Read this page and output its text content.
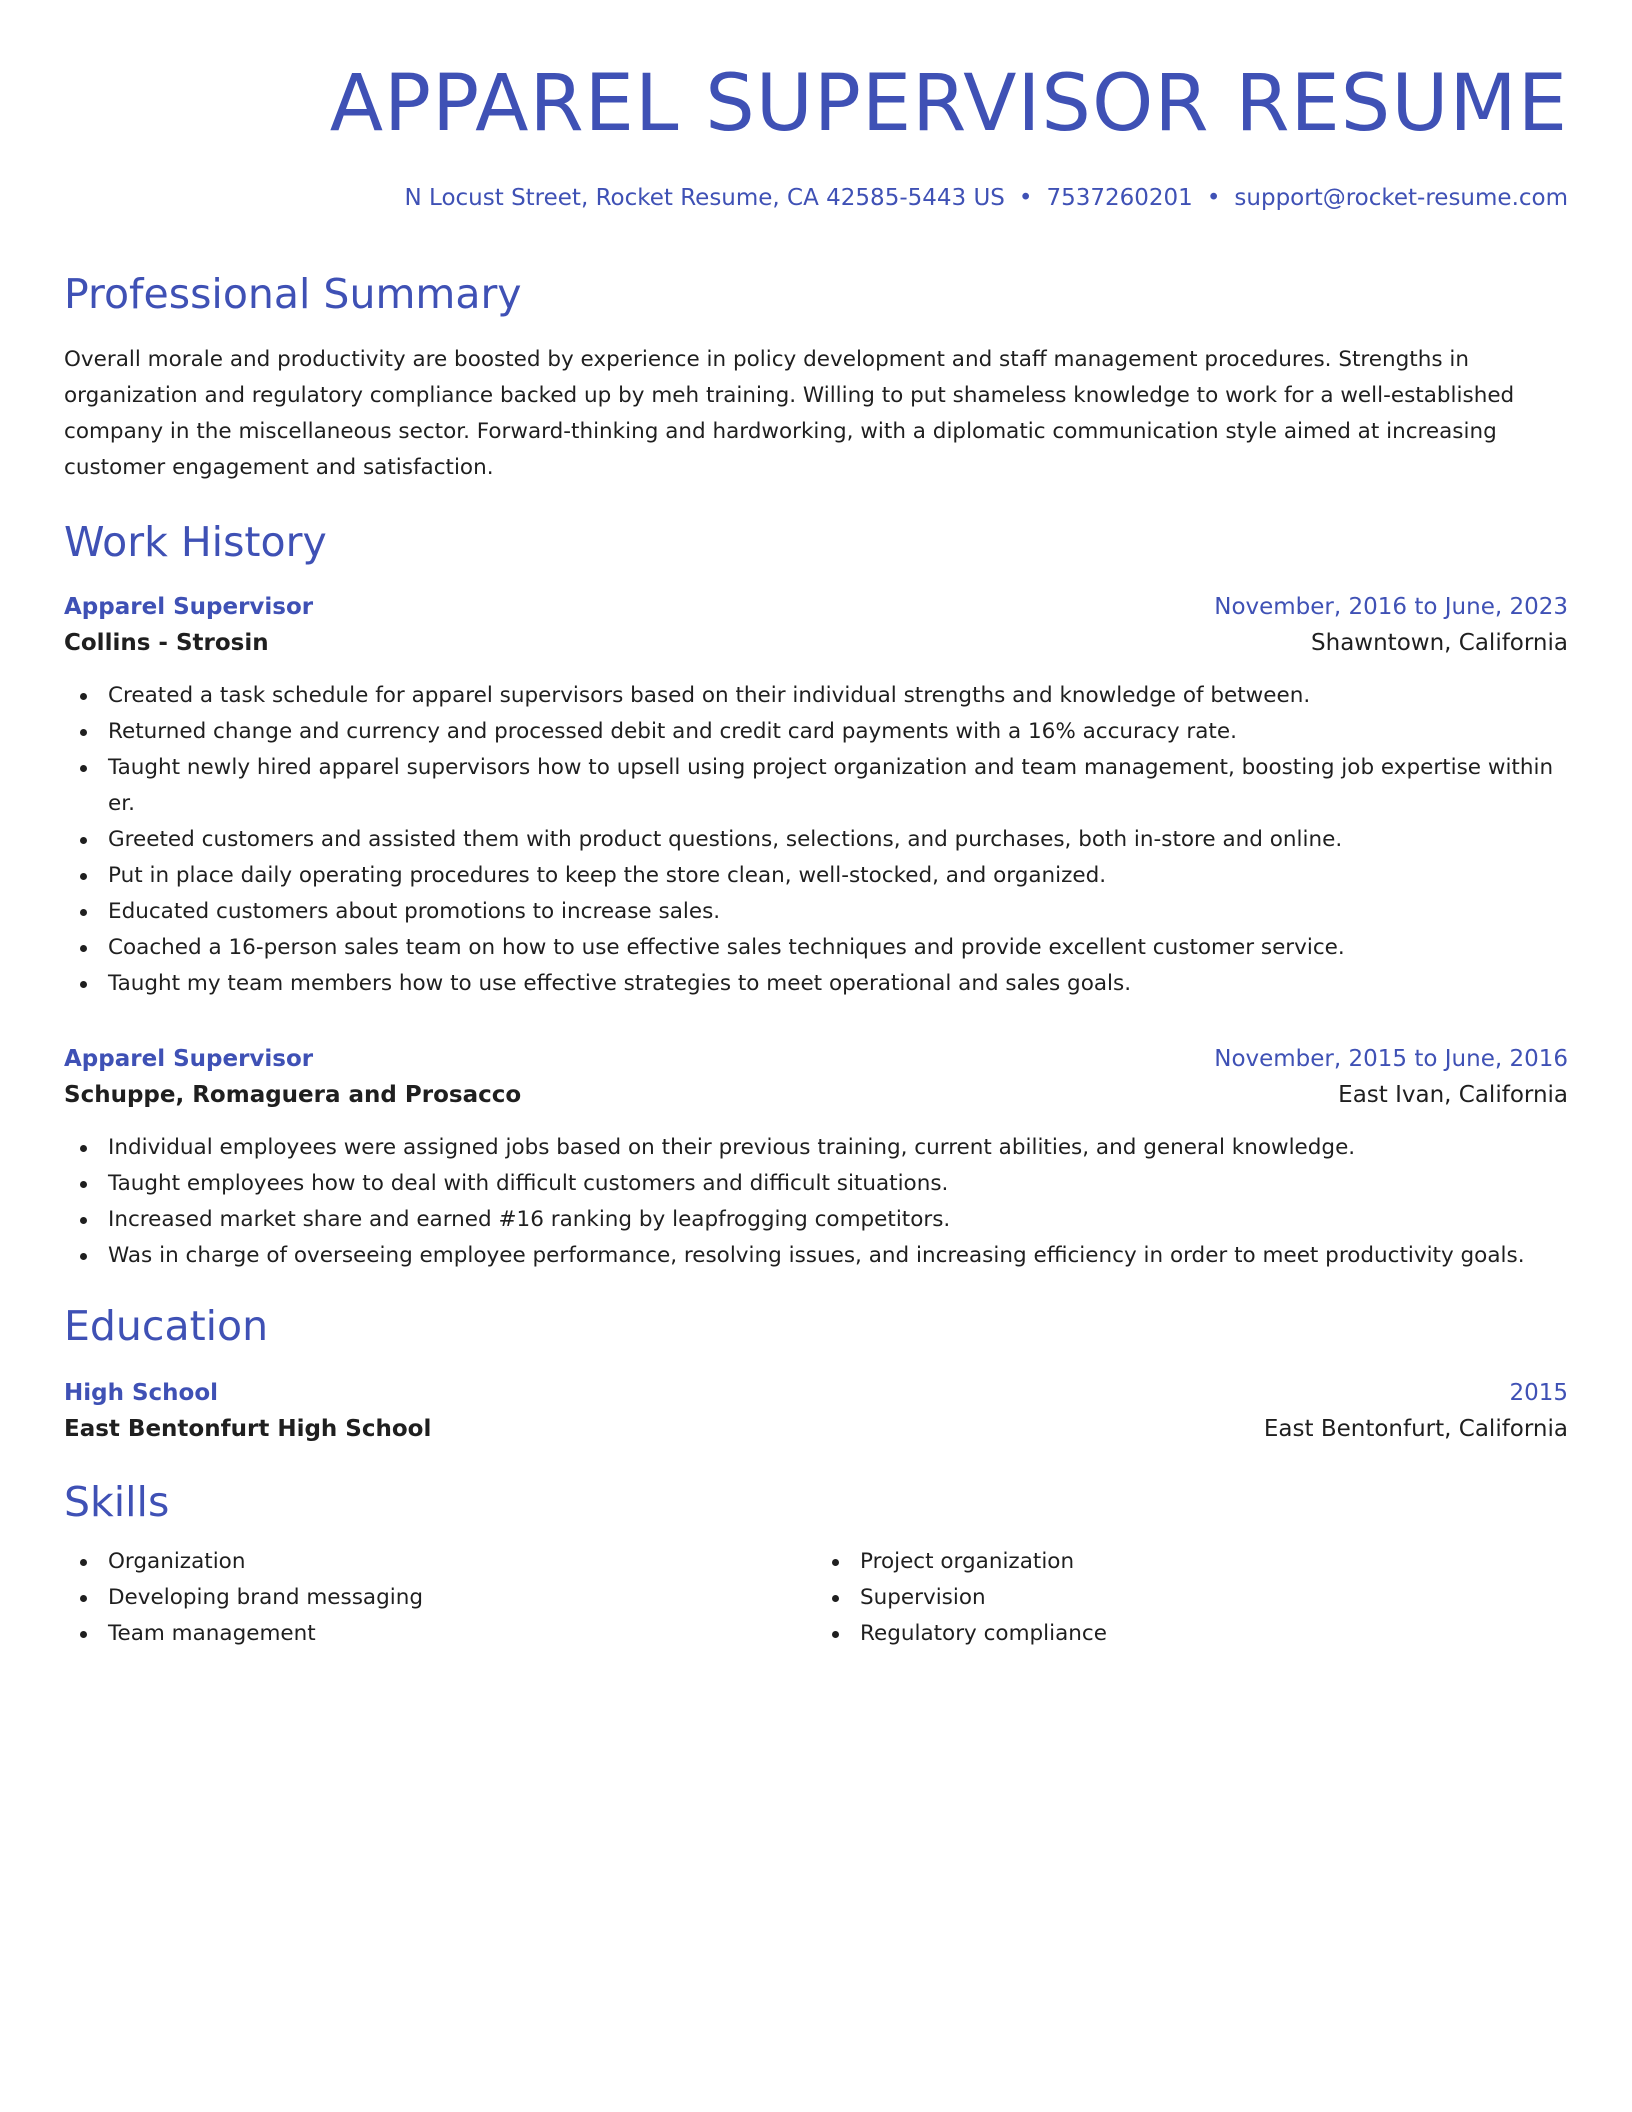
APPAREL SUPERVISOR RESUME
N Locust Street, Rocket Resume, CA 42585-5443 US • 7537260201 • support@rocket-resume.com
Professional Summary
Overall morale and productivity are boosted by experience in policy development and staff management procedures. Strengths in organization and regulatory compliance backed up by meh training. Willing to put shameless knowledge to work for a well-established company in the miscellaneous sector. Forward-thinking and hardworking, with a diplomatic communication style aimed at increasing customer engagement and satisfaction.
Work History
Apparel Supervisor	November, 2016 to June, 2023
Collins - Strosin	Shawntown, California
Created a task schedule for apparel supervisors based on their individual strengths and knowledge of between.
Returned change and currency and processed debit and credit card payments with a 16% accuracy rate.
Taught newly hired apparel supervisors how to upsell using project organization and team management, boosting job expertise within er.
Greeted customers and assisted them with product questions, selections, and purchases, both in-store and online.
Put in place daily operating procedures to keep the store clean, well-stocked, and organized.
Educated customers about promotions to increase sales.
Coached a 16-person sales team on how to use effective sales techniques and provide excellent customer service.
Taught my team members how to use effective strategies to meet operational and sales goals.
Apparel Supervisor	November, 2015 to June, 2016
Schuppe, Romaguera and Prosacco	East Ivan, California
Individual employees were assigned jobs based on their previous training, current abilities, and general knowledge.
Taught employees how to deal with difficult customers and difficult situations.
Increased market share and earned #16 ranking by leapfrogging competitors.
Was in charge of overseeing employee performance, resolving issues, and increasing efficiency in order to meet productivity goals.
Education
High School	2015
East Bentonfurt High School	East Bentonfurt, California
Skills
Organization
Developing brand messaging
Team management
Project organization
Supervision
Regulatory compliance
